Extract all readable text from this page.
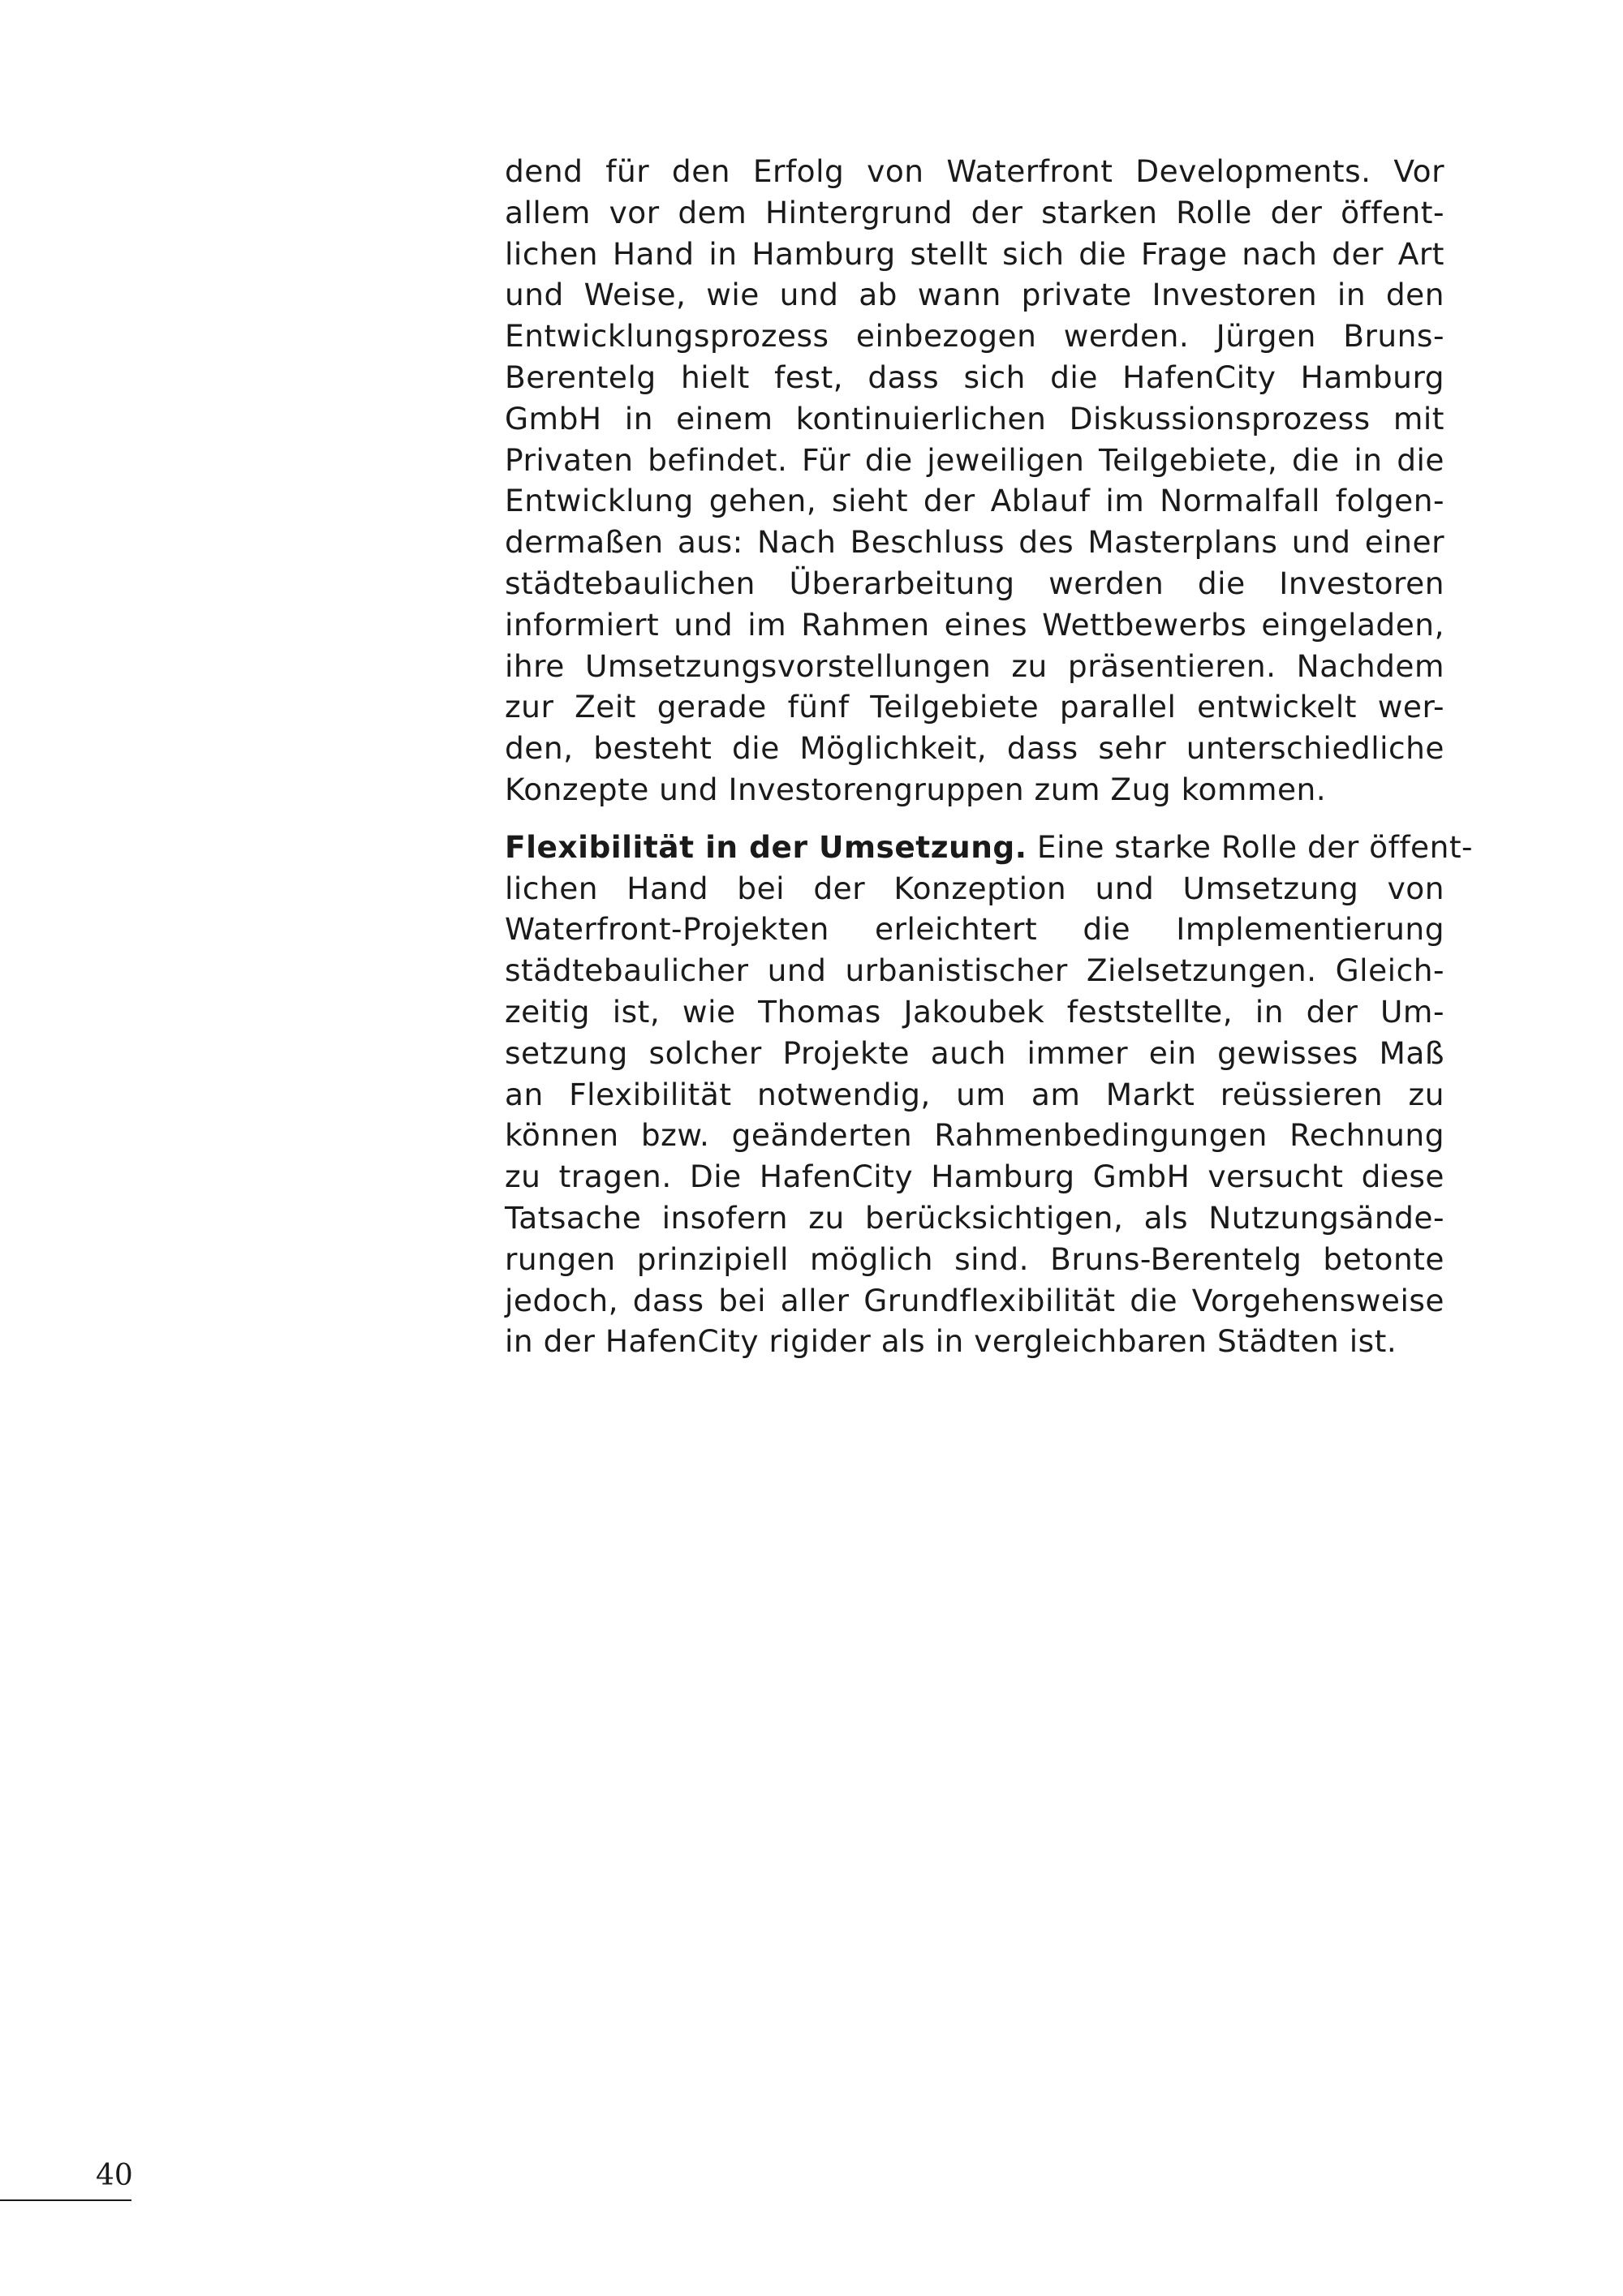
dend für den Erfolg von Waterfront Developments. Vor
allem vor dem Hintergrund der starken Rolle der öffent-
lichen Hand in Hamburg stellt sich die Frage nach der Art
und Weise, wie und ab wann private Investoren in den
Entwicklungsprozess einbezogen werden. Jürgen Bruns-
Berentelg hielt fest, dass sich die HafenCity Hamburg
GmbH in einem kontinuierlichen Diskussionsprozess mit
Privaten befindet. Für die jeweiligen Teilgebiete, die in die
Entwicklung gehen, sieht der Ablauf im Normalfall folgen-
dermaßen aus: Nach Beschluss des Masterplans und einer
städtebaulichen Überarbeitung werden die Investoren
informiert und im Rahmen eines Wettbewerbs eingeladen,
ihre Umsetzungsvorstellungen zu präsentieren. Nachdem
zur Zeit gerade fünf Teilgebiete parallel entwickelt wer-
den, besteht die Möglichkeit, dass sehr unterschiedliche
Konzepte und Investorengruppen zum Zug kommen.
Flexibilität in der Umsetzung. Eine starke Rolle der öffent-
lichen Hand bei der Konzeption und Umsetzung von
Waterfront-Projekten erleichtert die Implementierung
städtebaulicher und urbanistischer Zielsetzungen. Gleich-
zeitig ist, wie Thomas Jakoubek feststellte, in der Um-
setzung solcher Projekte auch immer ein gewisses Maß
an Flexibilität notwendig, um am Markt reüssieren zu
können bzw. geänderten Rahmenbedingungen Rechnung
zu tragen. Die HafenCity Hamburg GmbH versucht diese
Tatsache insofern zu berücksichtigen, als Nutzungsände-
rungen prinzipiell möglich sind. Bruns-Berentelg betonte
jedoch, dass bei aller Grundflexibilität die Vorgehensweise
in der HafenCity rigider als in vergleichbaren Städten ist.
40
